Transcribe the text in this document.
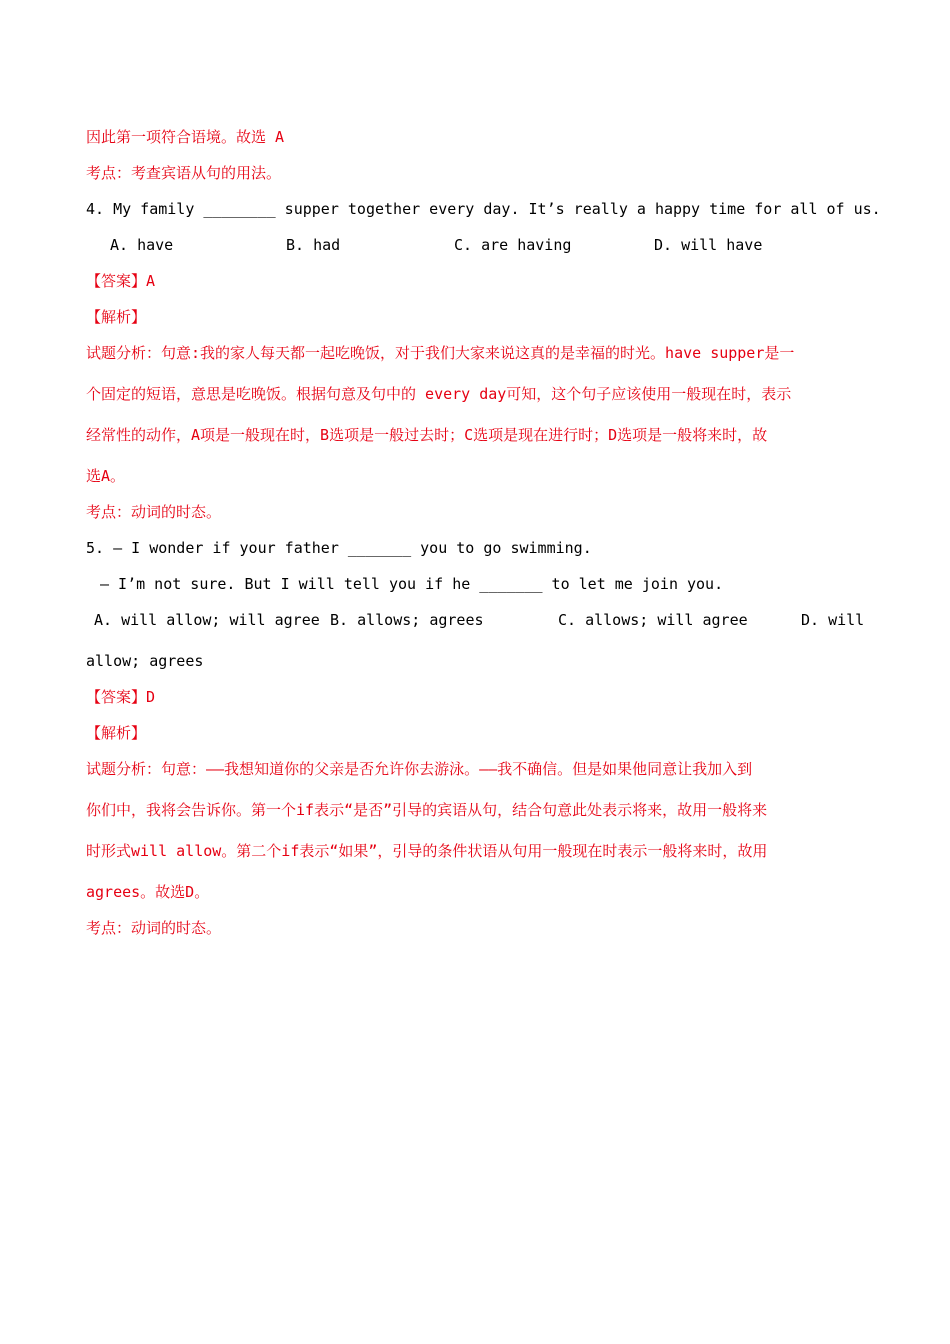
因此第一项符合语境。故选 A
考点：考查宾语从句的用法。
4. My family ________ supper together every day. It’s really a happy time for all of us.
A. have	B. had	C. are having	D. will have
【答案】A
【解析】
试题分析：句意:我的家人每天都一起吃晚饭，对于我们大家来说这真的是幸福的时光。have supper是一
个固定的短语，意思是吃晚饭。根据句意及句中的 every day可知，这个句子应该使用一般现在时，表示
经常性的动作，A项是一般现在时，B选项是一般过去时；C选项是现在进行时；D选项是一般将来时，故
选A。
考点：动词的时态。
5. — I wonder if your father _______ you to go swimming.
— I’m not sure. But I will tell you if he _______ to let me join you.
A. will allow; will agree B. allows; agrees	C. allows; will agree	D. will
allow; agrees
【答案】D
【解析】
试题分析：句意：——我想知道你的父亲是否允许你去游泳。——我不确信。但是如果他同意让我加入到
你们中，我将会告诉你。第一个if表示“是否”引导的宾语从句，结合句意此处表示将来，故用一般将来
时形式will allow。第二个if表示“如果”，引导的条件状语从句用一般现在时表示一般将来时，故用
agrees。故选D。
考点：动词的时态。
